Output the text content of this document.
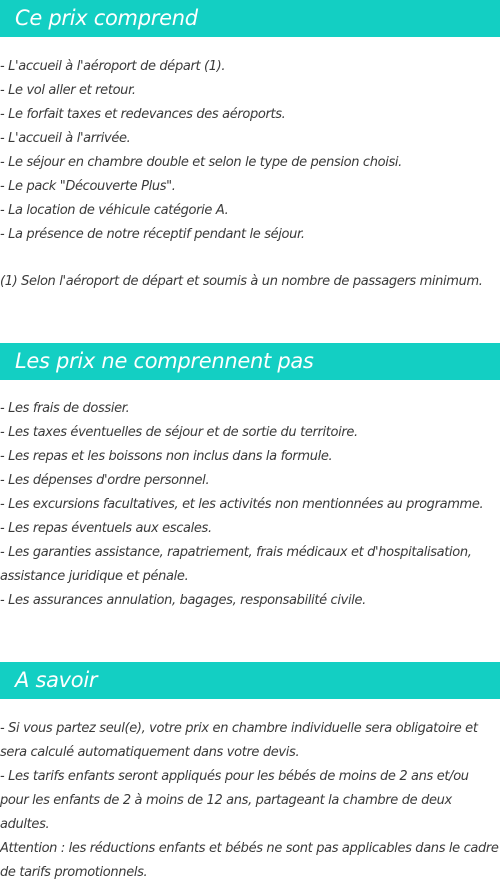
Ce prix comprend
- L'accueil à l'aéroport de départ (1).
- Le vol aller et retour.
- Le forfait taxes et redevances des aéroports.
- L'accueil à l'arrivée.
- Le séjour en chambre double et selon le type de pension choisi.
- Le pack "Découverte Plus".
- La location de véhicule catégorie A.
- La présence de notre réceptif pendant le séjour.

(1) Selon l'aéroport de départ et soumis à un nombre de passagers minimum.

Les prix ne comprennent pas
- Les frais de dossier.
- Les taxes éventuelles de séjour et de sortie du territoire.
- Les repas et les boissons non inclus dans la formule.
- Les dépenses d'ordre personnel.
- Les excursions facultatives, et les activités non mentionnées au programme.
- Les repas éventuels aux escales.
- Les garanties assistance, rapatriement, frais médicaux et d'hospitalisation, assistance juridique et pénale.
- Les assurances annulation, bagages, responsabilité civile.
A savoir

- Si vous partez seul(e), votre prix en chambre individuelle sera obligatoire et sera calculé automatiquement dans votre devis.

- Les tarifs enfants seront appliqués pour les bébés de moins de 2 ans et/ou pour les enfants de 2 à moins de 12 ans, partageant la chambre de deux adultes.

Attention : les réductions enfants et bébés ne sont pas applicables dans le cadre de tarifs promotionnels.
